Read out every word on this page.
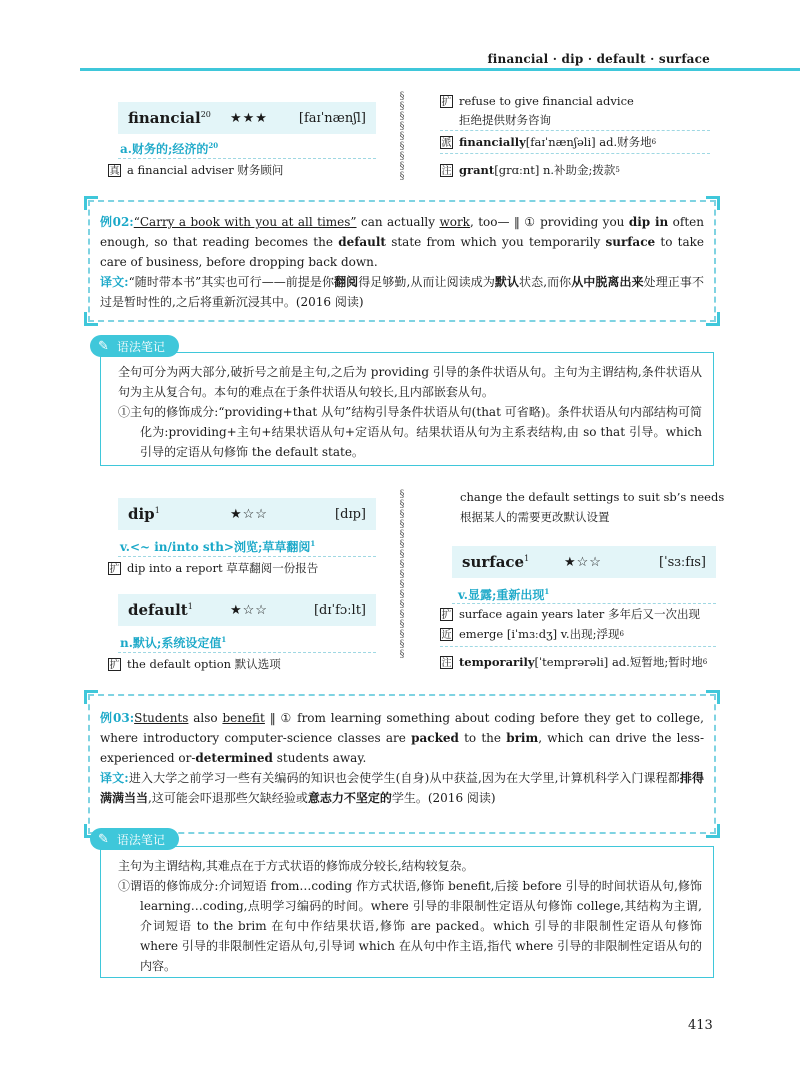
financial · dip · default · surface
financial$^{20}$ ★★★ [faɪˈnænʃl]
a.财务的;经济的$^{20}$
真 a financial adviser 财务顾问
§
§
§
§
§
§
§
§
§
扩 refuse to give financial advice
拒绝提供财务咨询
派 financially [faɪˈnænʃəli] ad.财务地 6
注 grant [grɑːnt] n.补助金;拨款 5
例02:“Carry a book with you at all times” can actually work, too— ‖ ① providing you dip in often enough, so that reading becomes the default state from which you temporarily surface to take care of business, before dropping back down.
译文:“随时带本书”其实也可行——前提是你翻阅得足够勤,从而让阅读成为默认状态,而你从中脱离出来处理正事不过是暂时性的,之后将重新沉浸其中。(2016 阅读)
✎ 语法笔记
全句可分为两大部分,破折号之前是主句,之后为 providing 引导的条件状语从句。主句为主谓结构,条件状语从句为主从复合句。本句的难点在于条件状语从句较长,且内部嵌套从句。
①主句的修饰成分:“providing+that 从句”结构引导条件状语从句(that 可省略)。条件状语从句内部结构可简化为:providing+主句+结果状语从句+定语从句。结果状语从句为主系表结构,由 so that 引导。which 引导的定语从句修饰 the default state。
dip$^1$	★☆☆	[dɪp]
v.<~ in/into sth>浏览;草草翻阅$^1$
扩 dip into a report 草草翻阅一份报告
default$^1$	★☆☆	[dɪˈfɔːlt]
n.默认;系统设定值$^1$
扩 the default option 默认选项
§
§
§
§
§
§
§
§
§
§
§
§
§
§
§
§
§
change the default settings to suit sb’s needs
根据某人的需要更改默认设置
surface$^1$	★☆☆	[ˈsɜːfɪs]
v.显露;重新出现$^1$
扩 surface again years later 多年后又一次出现
近 emerge [iˈmɜːdʒ] v.出现;浮现 6
注 temporarily [ˈtemprərəli] ad.短暂地;暂时地 6
例03:Students also benefit ‖ ① from learning something about coding before they get to college, where introductory computer-science classes are packed to the brim, which can drive the less-experienced or-determined students away.
译文:进入大学之前学习一些有关编码的知识也会使学生(自身)从中获益,因为在大学里,计算机科学入门课程都排得满满当当,这可能会吓退那些欠缺经验或意志力不坚定的学生。(2016 阅读)
✎ 语法笔记
主句为主谓结构,其难点在于方式状语的修饰成分较长,结构较复杂。
①谓语的修饰成分:介词短语 from…coding 作方式状语,修饰 benefit,后接 before 引导的时间状语从句,修饰 learning…coding,点明学习编码的时间。where 引导的非限制性定语从句修饰 college,其结构为主谓,介词短语 to the brim 在句中作结果状语,修饰 are packed。which 引导的非限制性定语从句修饰 where 引导的非限制性定语从句,引导词 which 在从句中作主语,指代 where 引导的非限制性定语从句的内容。
413
